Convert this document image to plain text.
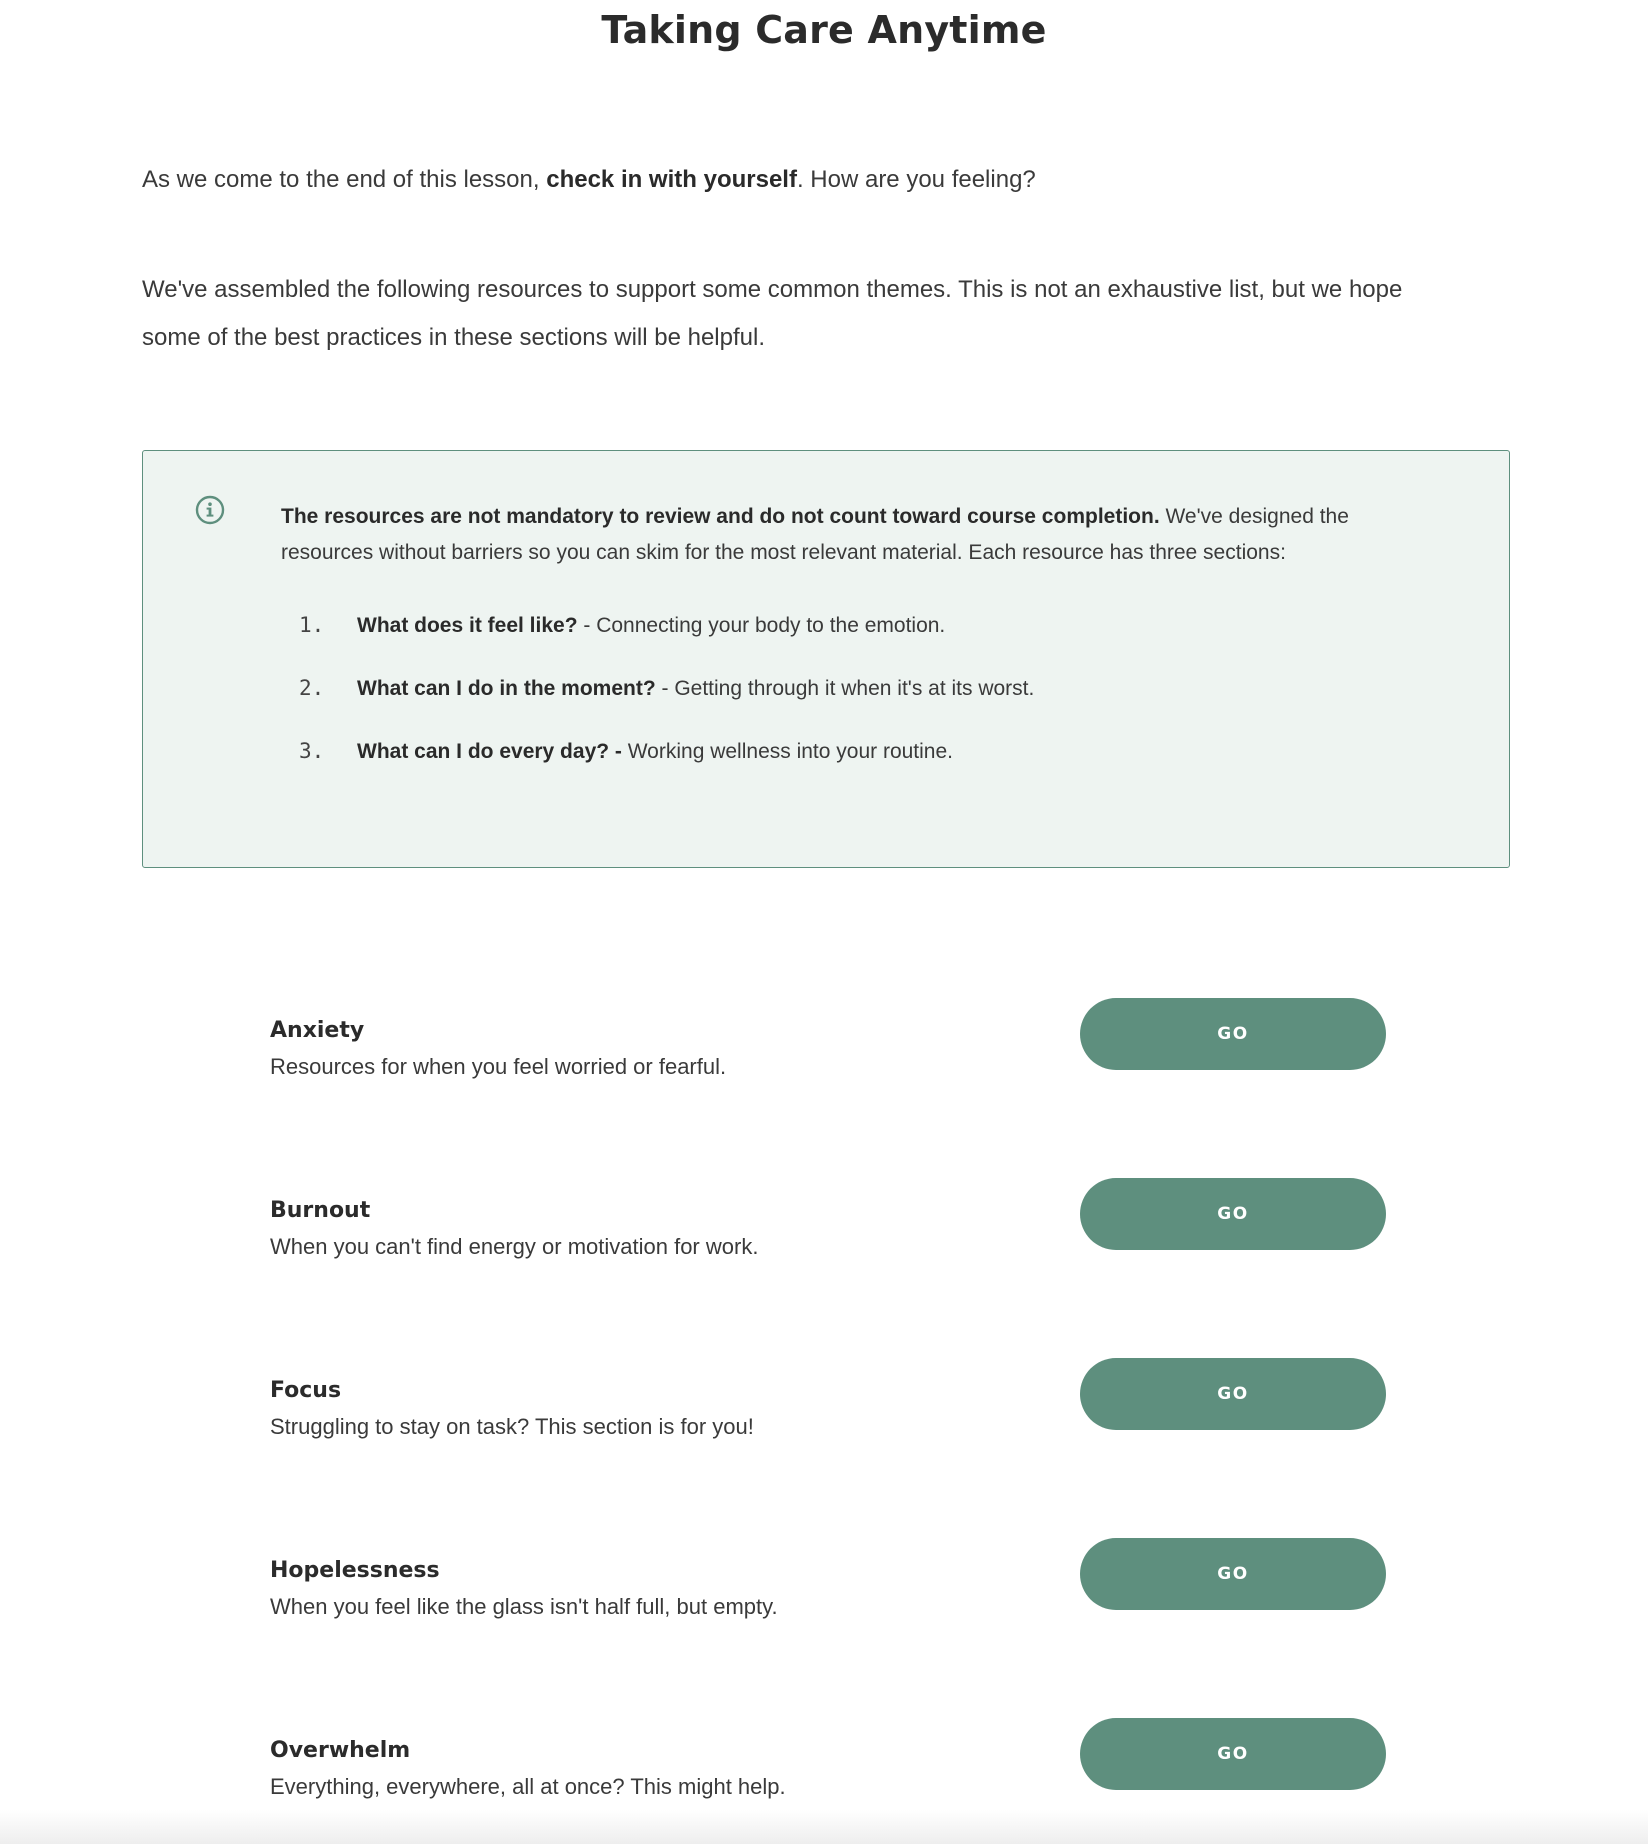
Taking Care Anytime

As we come to the end of this lesson, check in with yourself. How are you feeling?

We've assembled the following resources to support some common themes. This is not an exhaustive list, but we hope
some of the best practices in these sections will be helpful.

The resources are not mandatory to review and do not count toward course completion. We've designed the
resources without barriers so you can skim for the most relevant material. Each resource has three sections:

1. What does it feel like? - Connecting your body to the emotion.
2. What can I do in the moment? - Getting through it when it's at its worst.
3. What can I do every day? - Working wellness into your routine.

Anxiety

Resources for when you feel worried or fearful.

GO

Burnout

When you can't find energy or motivation for work.

GO

Focus

Struggling to stay on task? This section is for you!

GO

Hopelessness

When you feel like the glass isn't half full, but empty.

GO

Overwhelm

Everything, everywhere, all at once? This might help.

GO
